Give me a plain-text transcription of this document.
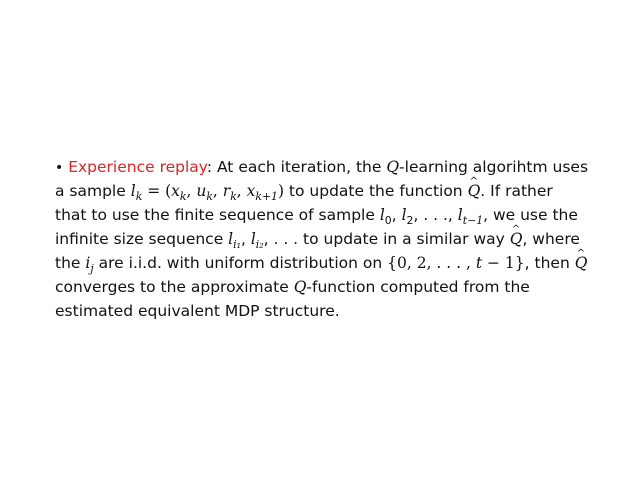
• Experience replay: At each iteration, the Q-learning algorihtm uses
a sample $l_k = (x_k$, $u_k$, $r_k$, $x_{k+1}$) to update the function ^ Q. If rather
that to use the finite sequence of sample $l_0$, $l_2$, . . ., $l_{t-1}$, we use the
infinite size sequence $l_{i_1}$, $l_{i_2}$, . . . to update in a similar way ^ Q, where
the $i_j$ are i.i.d. with uniform distribution on {0, 2, . . . , t − 1}, then ^ Q
converges to the approximate Q-function computed from the
estimated equivalent MDP structure.
